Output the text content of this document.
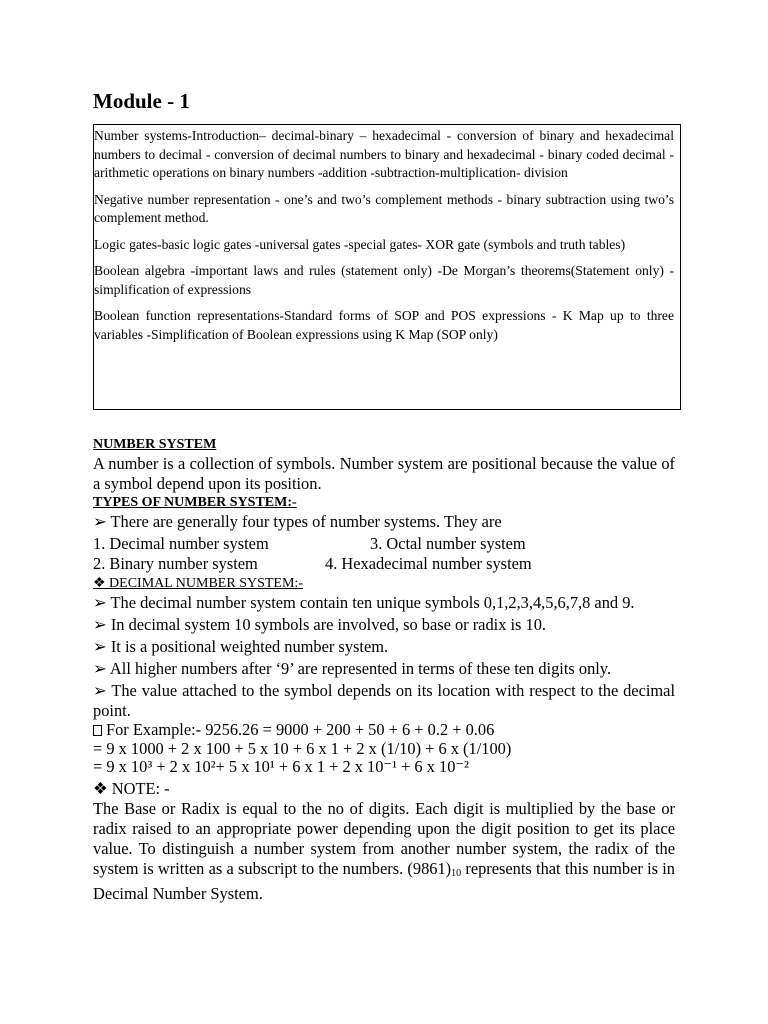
Module - 1

Number systems-Introduction– decimal-binary – hexadecimal - conversion of binary and hexadecimal numbers to decimal - conversion of decimal numbers to binary and hexadecimal - binary coded decimal - arithmetic operations on binary numbers -addition -subtraction-multiplication- division

Negative number representation - one’s and two’s complement methods - binary subtraction using two’s complement method.

Logic gates-basic logic gates -universal gates -special gates- XOR gate (symbols and truth tables)

Boolean algebra -important laws and rules (statement only) -De Morgan’s theorems(Statement only) - simplification of expressions

Boolean function representations-Standard forms of SOP and POS expressions - K Map up to three variables -Simplification of Boolean expressions using K Map (SOP only)

NUMBER SYSTEM

A number is a collection of symbols. Number system are positional because the value of a symbol depend upon its position.

TYPES OF NUMBER SYSTEM:-

➢ There are generally four types of number systems. They are

1. Decimal number system	3. Octal number system
2. Binary number system	4. Hexadecimal number system
❖ DECIMAL NUMBER SYSTEM:-

➢ The decimal number system contain ten unique symbols 0,1,2,3,4,5,6,7,8 and 9.

➢ In decimal system 10 symbols are involved, so base or radix is 10.

➢ It is a positional weighted number system.

➢ All higher numbers after ‘9’ are represented in terms of these ten digits only.

➢ The value attached to the symbol depends on its location with respect to the decimal point.

For Example:- 9256.26 = 9000 + 200 + 50 + 6 + 0.2 + 0.06
= 9 x 1000 + 2 x 100 + 5 x 10 + 6 x 1 + 2 x (1/10) + 6 x (1/100)
= 9 x 10³ + 2 x 10²+ 5 x 10¹ + 6 x 1 + 2 x 10⁻¹ + 6 x 10⁻²

❖ NOTE: -

The Base or Radix is equal to the no of digits. Each digit is multiplied by the base or radix raised to an appropriate power depending upon the digit position to get its place value. To distinguish a number system from another number system, the radix of the system is written as a subscript to the numbers. $(9861)_{10}$ represents that this number is in Decimal Number System.
